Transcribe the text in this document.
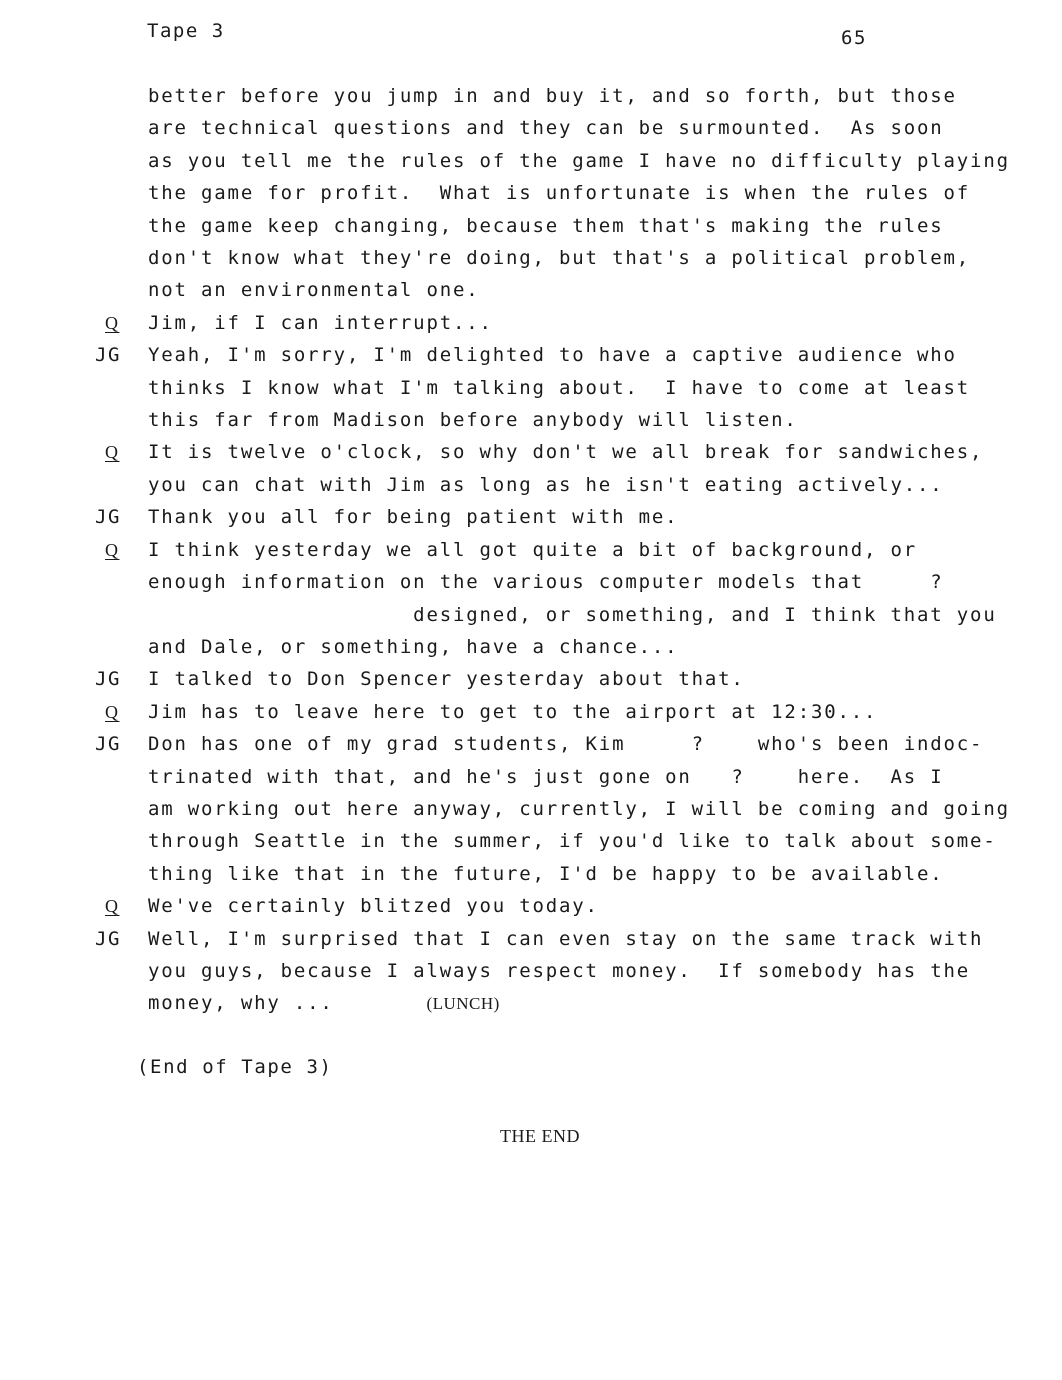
Tape 3	65
better before you jump in and buy it, and so forth, but those
are technical questions and they can be surmounted.  As soon
as you tell me the rules of the game I have no difficulty playing
the game for profit.  What is unfortunate is when the rules of
the game keep changing, because them that's making the rules
don't know what they're doing, but that's a political problem,
not an environmental one.
Q	Jim, if I can interrupt...
JG	Yeah, I'm sorry, I'm delighted to have a captive audience who
thinks I know what I'm talking about.  I have to come at least
this far from Madison before anybody will listen.
Q	It is twelve o'clock, so why don't we all break for sandwiches,
you can chat with Jim as long as he isn't eating actively...
JG	Thank you all for being patient with me.
Q	I think yesterday we all got quite a bit of background, or
enough information on the various computer models that     ?
designed, or something, and I think that you
and Dale, or something, have a chance...
JG	I talked to Don Spencer yesterday about that.
Q	Jim has to leave here to get to the airport at 12:30...
JG	Don has one of my grad students, Kim     ?    who's been indoc-
trinated with that, and he's just gone on   ?    here.  As I
am working out here anyway, currently, I will be coming and going
through Seattle in the summer, if you'd like to talk about some-
thing like that in the future, I'd be happy to be available.
Q	We've certainly blitzed you today.
JG	Well, I'm surprised that I can even stay on the same track with
you guys, because I always respect money.  If somebody has the
money, why ...       (LUNCH)
(End of Tape 3)
THE END
